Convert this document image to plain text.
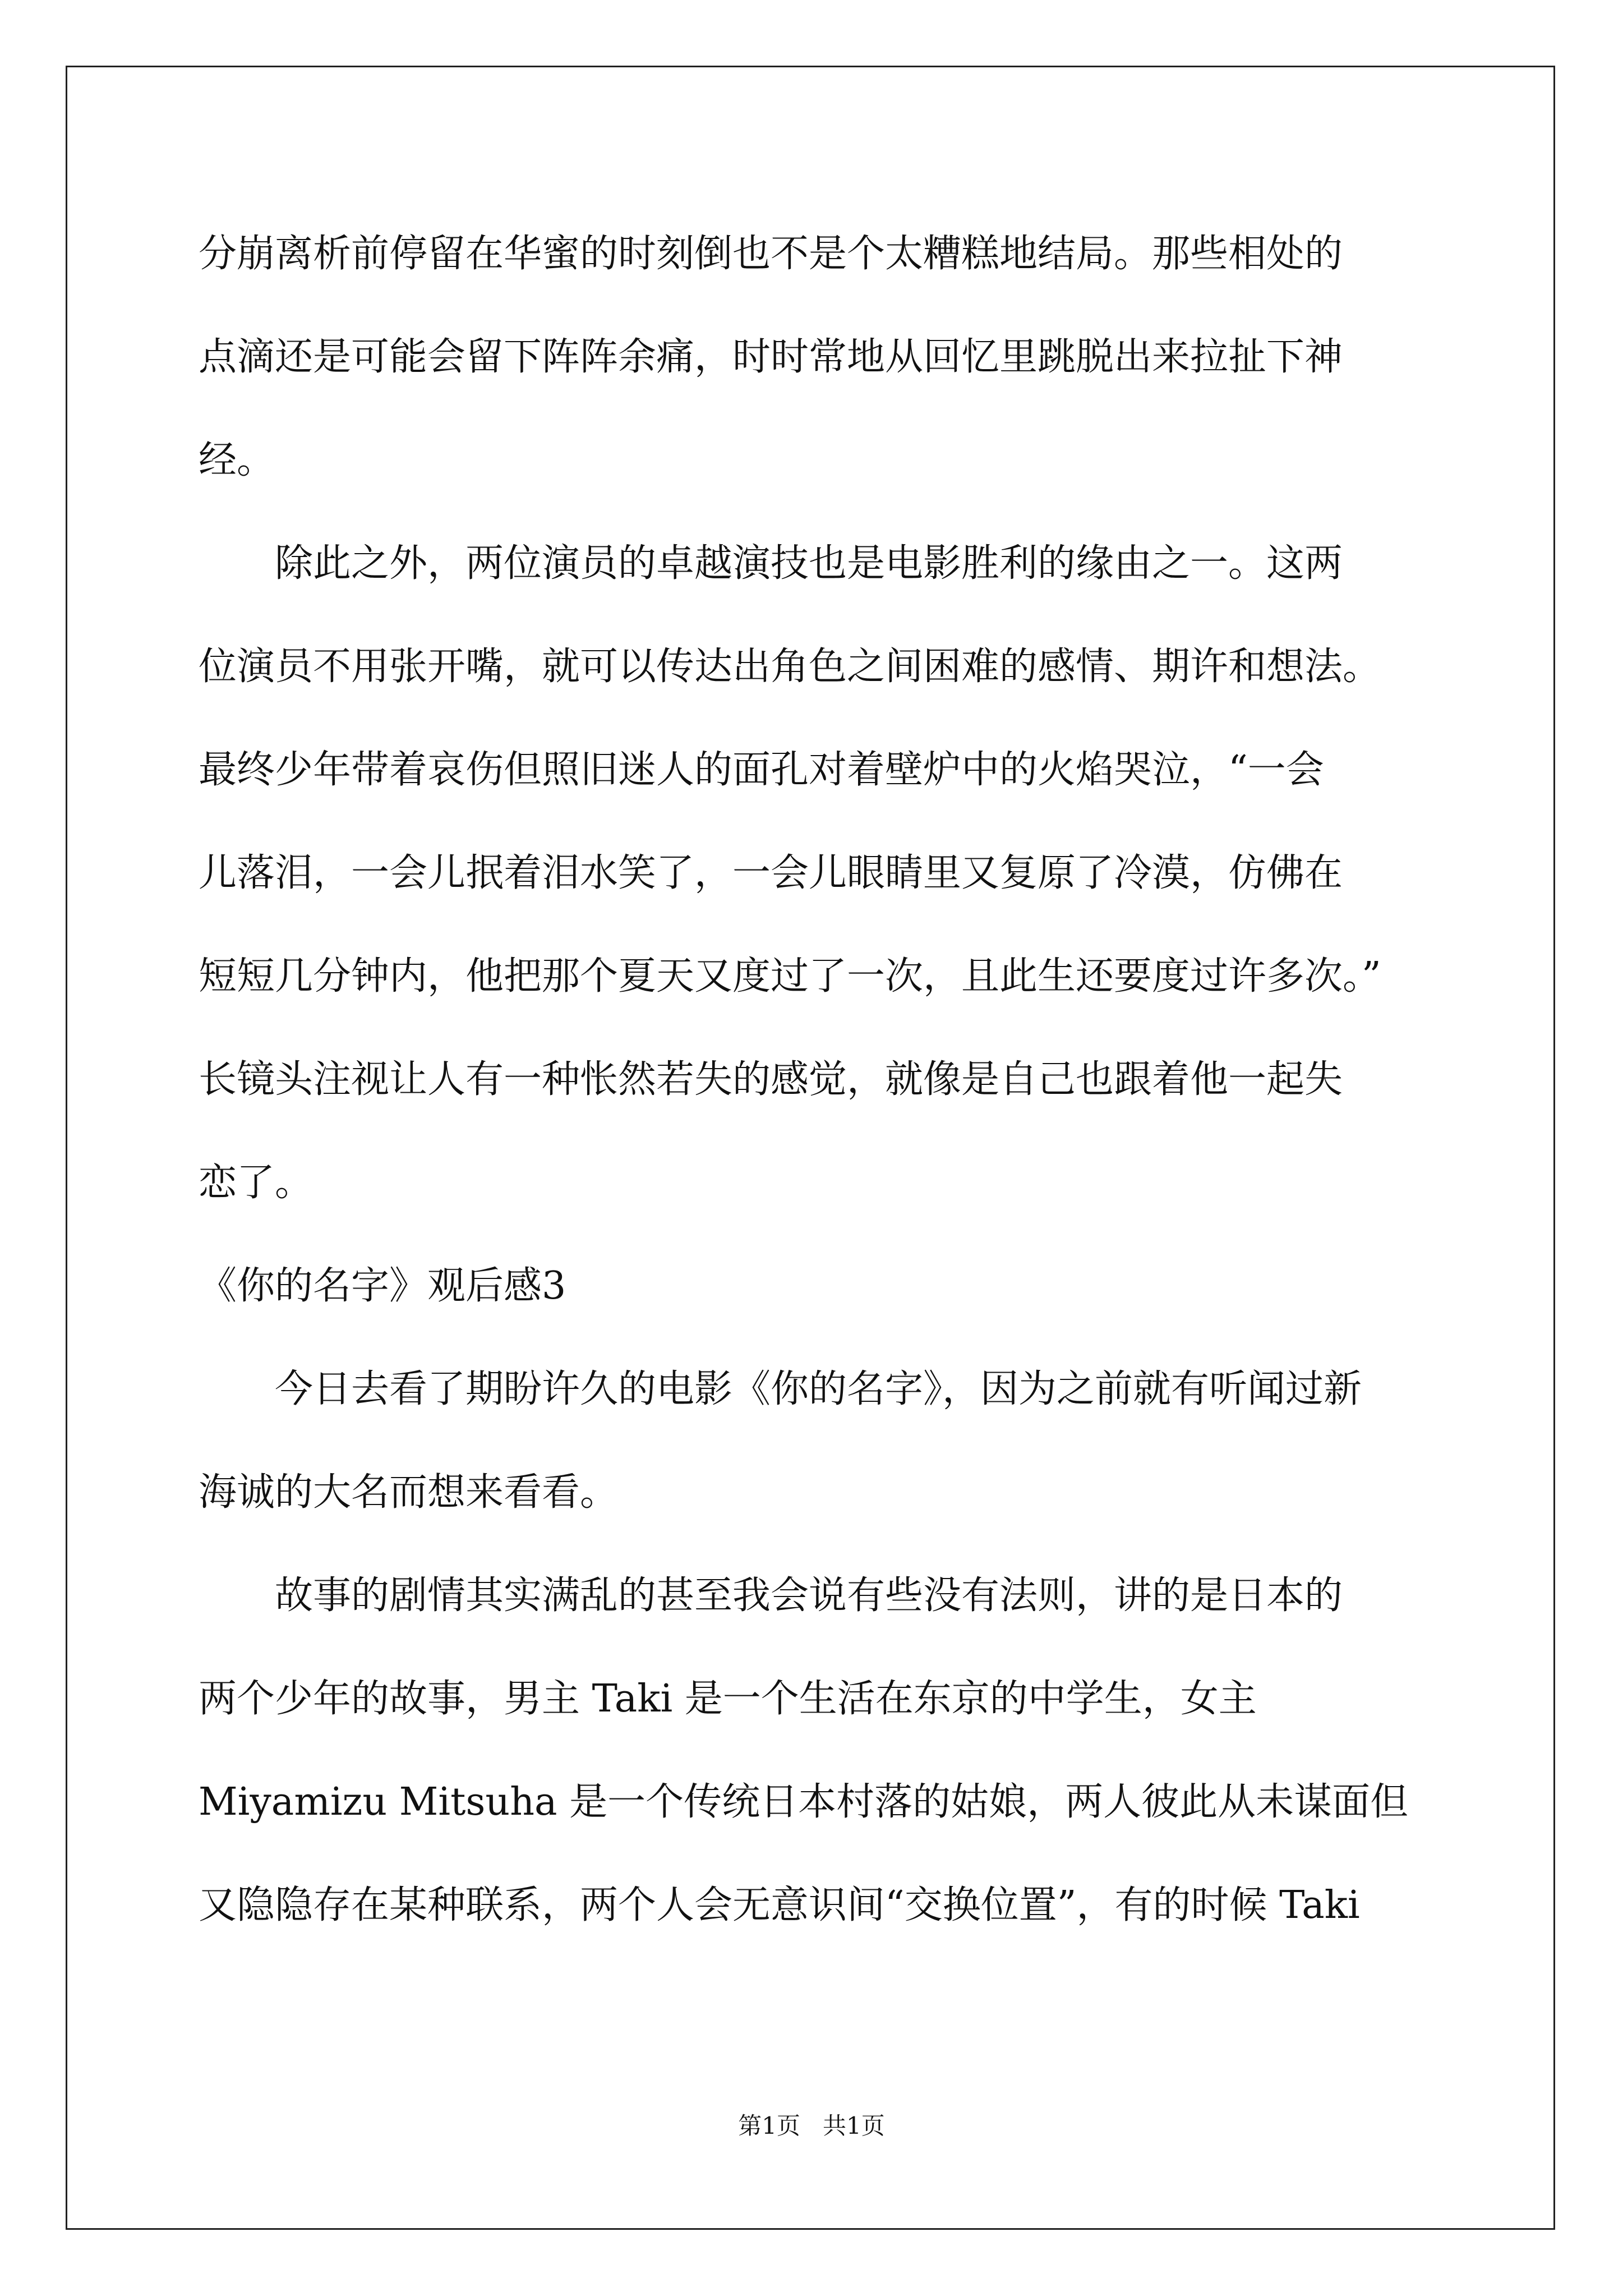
分崩离析前停留在华蜜的时刻倒也不是个太糟糕地结局。那些相处的
点滴还是可能会留下阵阵余痛，时时常地从回忆里跳脱出来拉扯下神
经。
除此之外，两位演员的卓越演技也是电影胜利的缘由之一。这两
位演员不用张开嘴，就可以传达出角色之间困难的感情、期许和想法。
最终少年带着哀伤但照旧迷人的面孔对着壁炉中的火焰哭泣，“一会
儿落泪，一会儿抿着泪水笑了，一会儿眼睛里又复原了冷漠，仿佛在
短短几分钟内，他把那个夏天又度过了一次，且此生还要度过许多次。”
长镜头注视让人有一种怅然若失的感觉，就像是自己也跟着他一起失
恋了。
《你的名字》观后感3
今日去看了期盼许久的电影《你的名字》，因为之前就有听闻过新
海诚的大名而想来看看。
故事的剧情其实满乱的甚至我会说有些没有法则，讲的是日本的
两个少年的故事，男主 Taki 是一个生活在东京的中学生，女主
Miyamizu Mitsuha 是一个传统日本村落的姑娘，两人彼此从未谋面但
又隐隐存在某种联系，两个人会无意识间“交换位置”，有的时候 Taki
第1页   共1页
